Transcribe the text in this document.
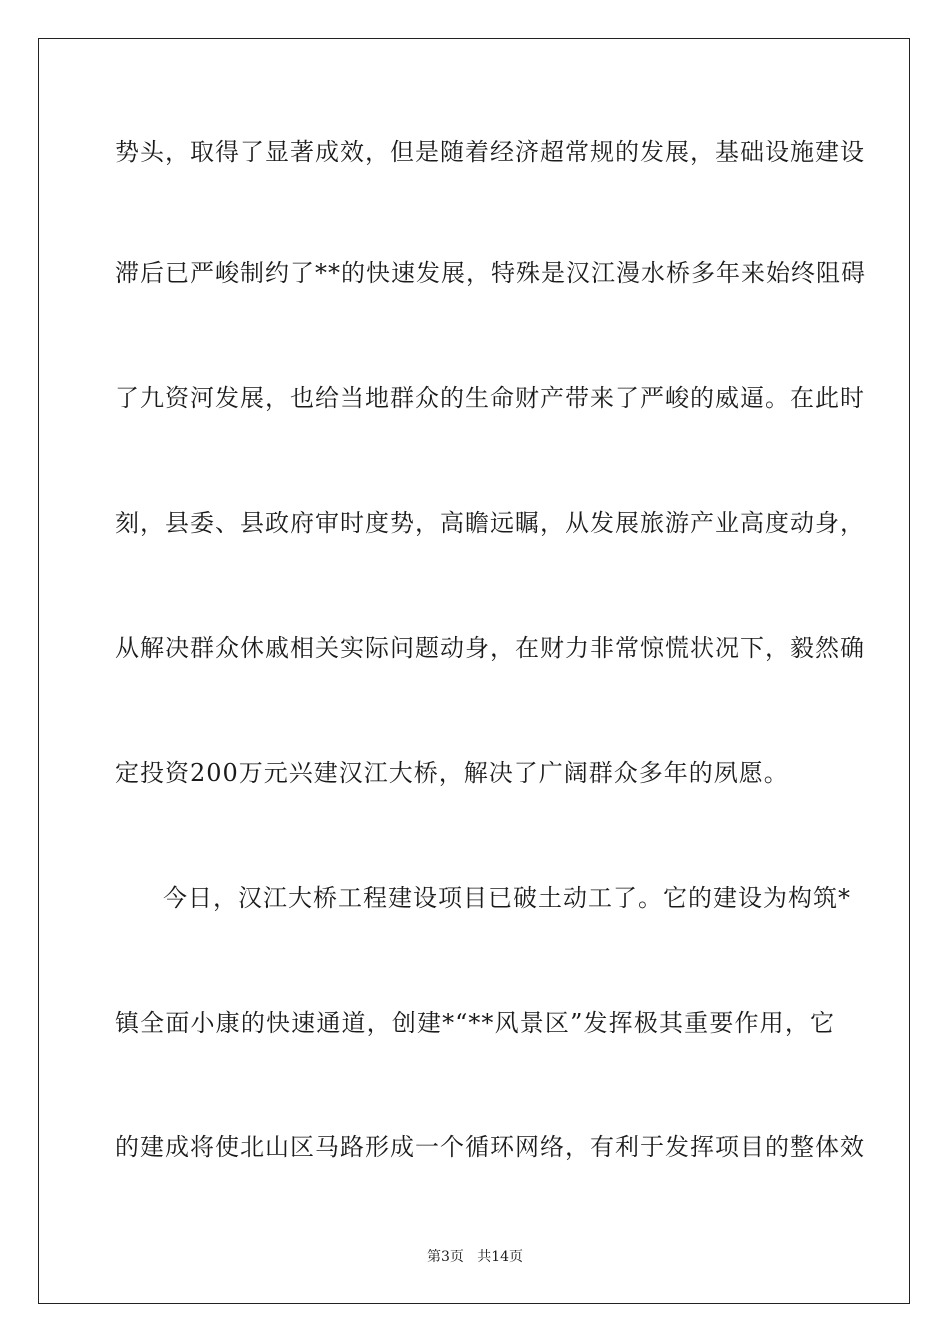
势头，取得了显著成效，但是随着经济超常规的发展，基础设施建设
滞后已严峻制约了**的快速发展，特殊是汉江漫水桥多年来始终阻碍
了九资河发展，也给当地群众的生命财产带来了严峻的威逼。在此时
刻，县委、县政府审时度势，高瞻远瞩，从发展旅游产业高度动身，
从解决群众休戚相关实际问题动身，在财力非常惊慌状况下，毅然确
定投资200万元兴建汉江大桥，解决了广阔群众多年的夙愿。
今日，汉江大桥工程建设项目已破土动工了。它的建设为构筑*
镇全面小康的快速通道，创建*“**风景区”发挥极其重要作用，它
的建成将使北山区马路形成一个循环网络，有利于发挥项目的整体效
第3页   共14页
